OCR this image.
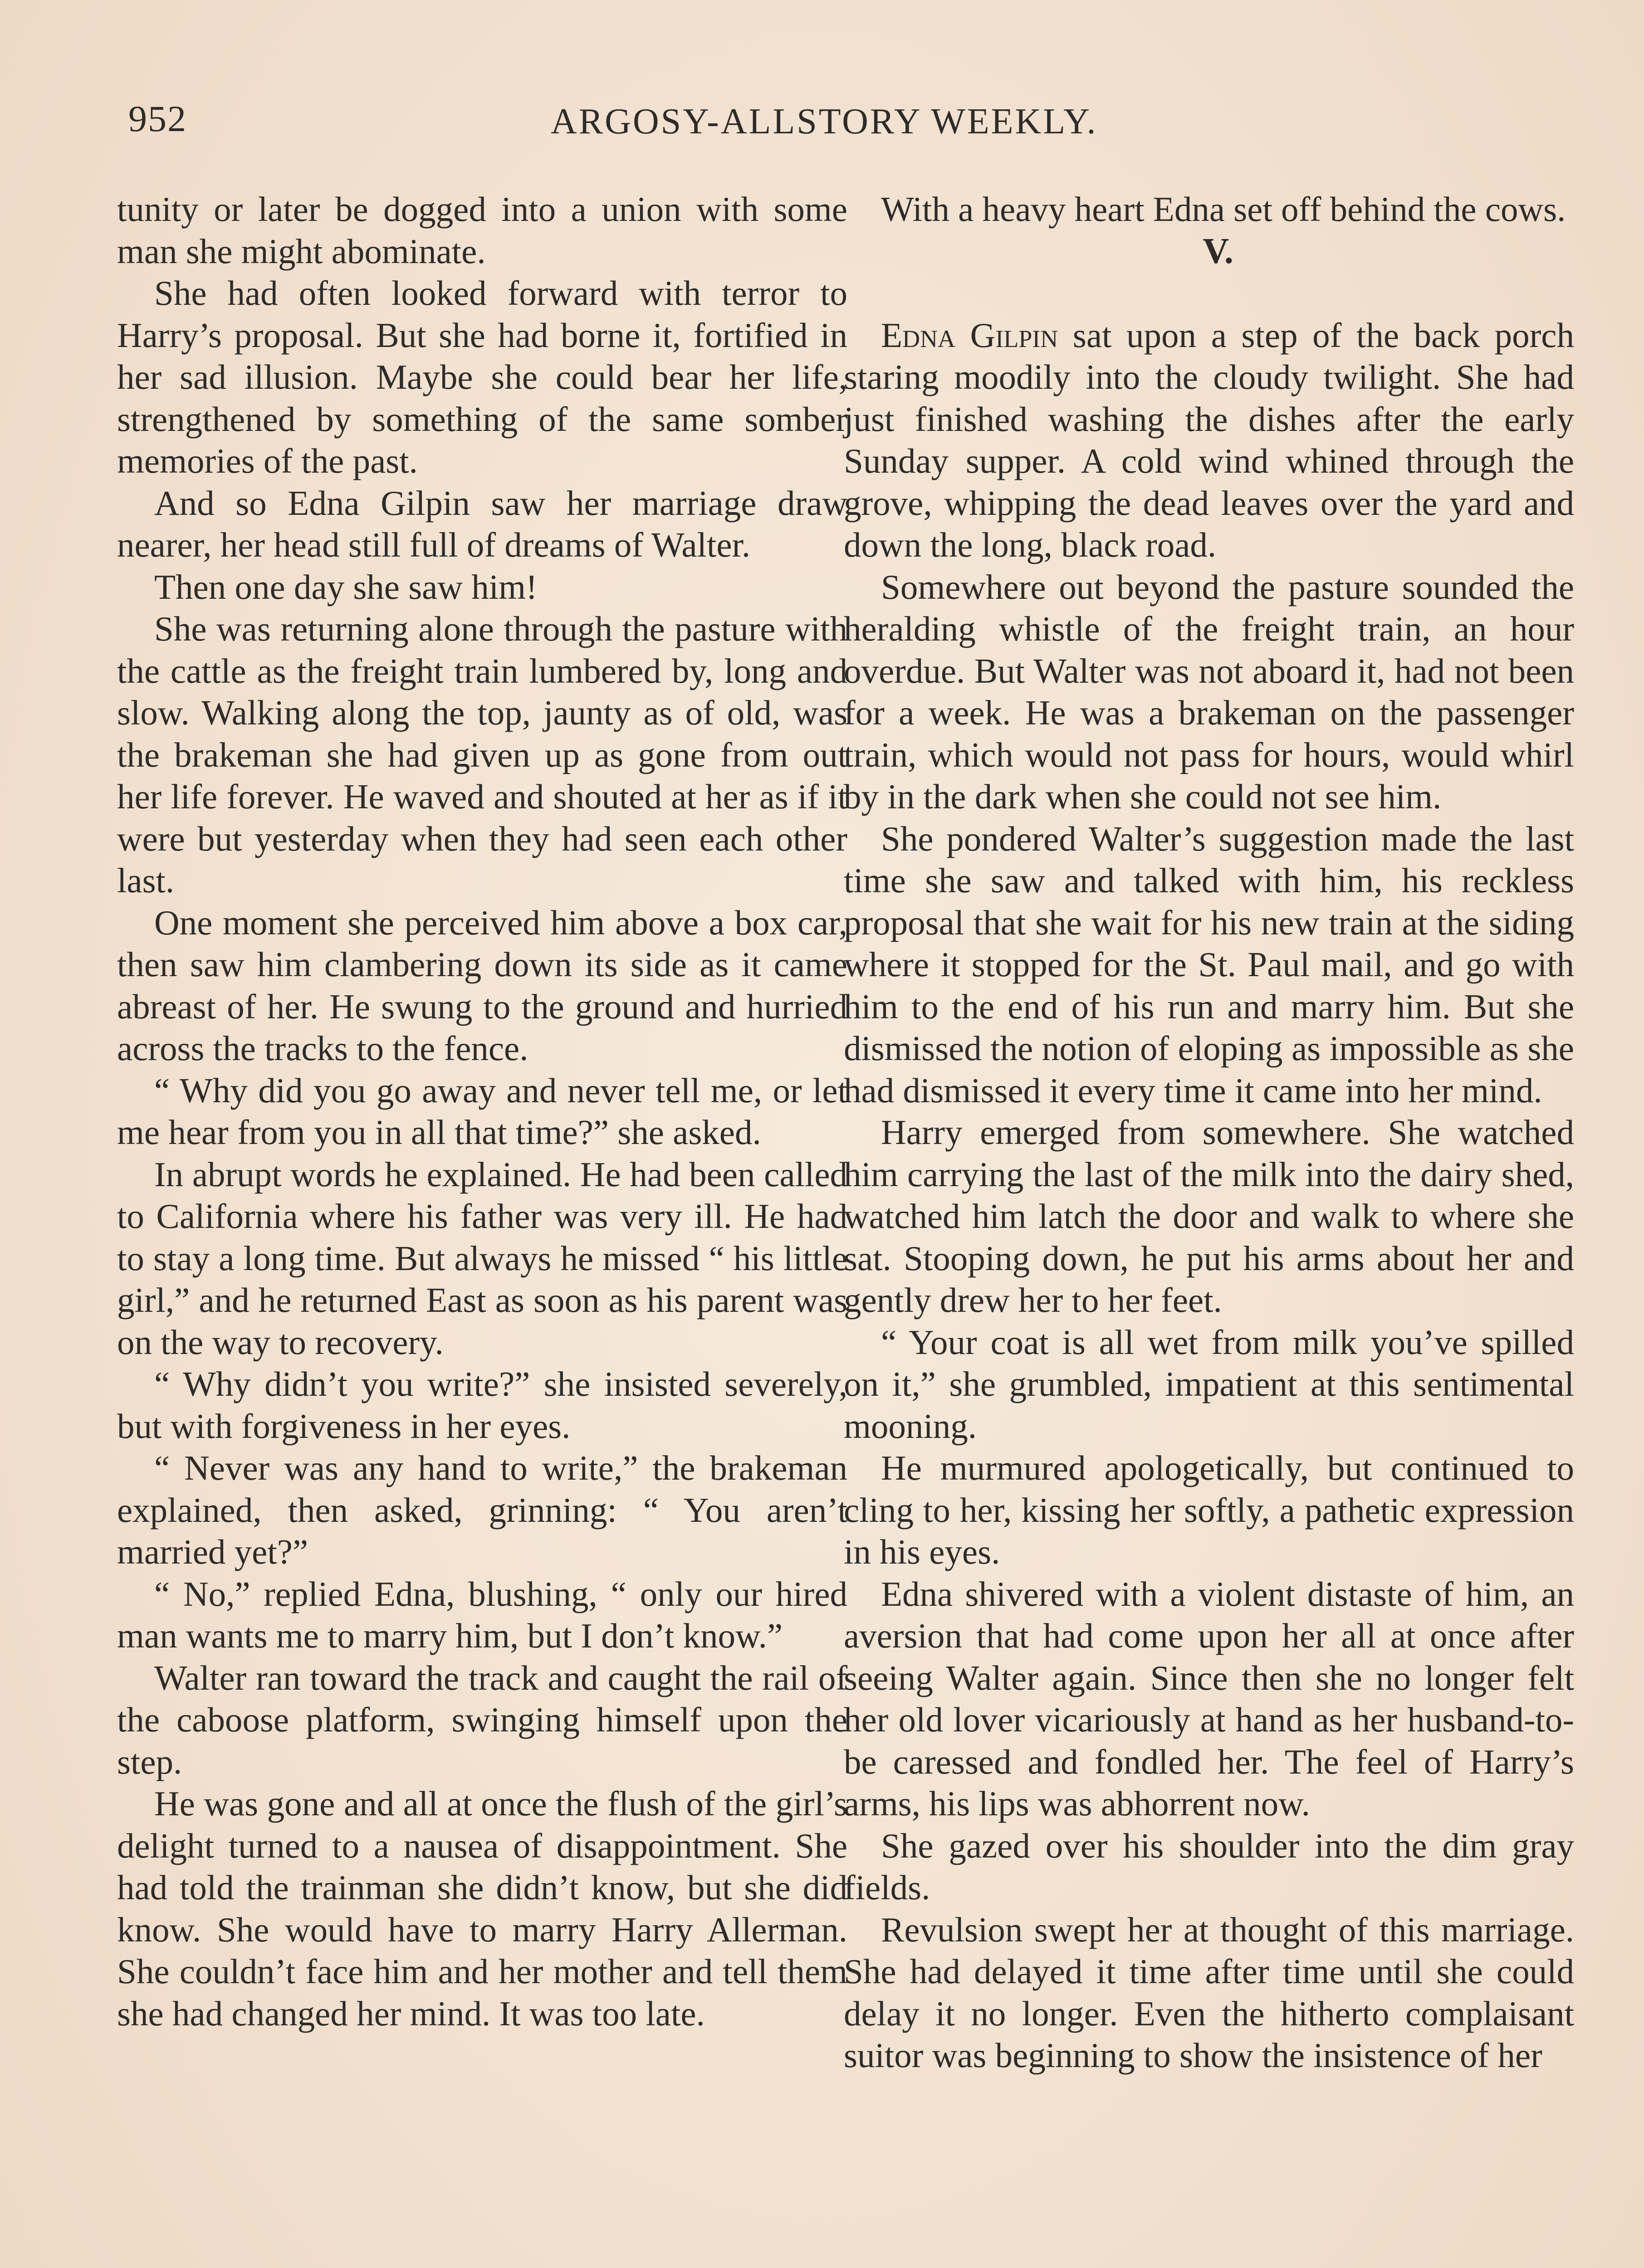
952	ARGOSY-ALLSTORY WEEKLY.

tunity or later be dogged into a union with some man she might abominate.

She had often looked forward with terror to Harry’s proposal. But she had borne it, fortified in her sad illusion. Maybe she could bear her life, strengthened by something of the same somber memories of the past.

And so Edna Gilpin saw her marriage draw nearer, her head still full of dreams of Walter.

Then one day she saw him!

She was returning alone through the pasture with the cattle as the freight train lumbered by, long and slow. Walking along the top, jaunty as of old, was the brakeman she had given up as gone from out her life forever. He waved and shouted at her as if it were but yesterday when they had seen each other last.

One moment she perceived him above a box car, then saw him clambering down its side as it came abreast of her. He swung to the ground and hurried across the tracks to the fence.

“ Why did you go away and never tell me, or let me hear from you in all that time?” she asked.

In abrupt words he explained. He had been called to California where his father was very ill. He had to stay a long time. But always he missed “ his little girl,” and he returned East as soon as his parent was on the way to recovery.

“ Why didn’t you write?” she insisted severely, but with forgiveness in her eyes.

“ Never was any hand to write,” the brakeman explained, then asked, grinning: “ You aren’t married yet?”

“ No,” replied Edna, blushing, “ only our hired man wants me to marry him, but I don’t know.”

Walter ran toward the track and caught the rail of the caboose platform, swinging himself upon the step.

He was gone and all at once the flush of the girl’s delight turned to a nausea of disappointment. She had told the trainman she didn’t know, but she did know. She would have to marry Harry Allerman. She couldn’t face him and her mother and tell them she had changed her mind. It was too late.

With a heavy heart Edna set off behind the cows.

V.

Edna Gilpin sat upon a step of the back porch staring moodily into the cloudy twilight. She had just finished washing the dishes after the early Sunday supper. A cold wind whined through the grove, whipping the dead leaves over the yard and down the long, black road.

Somewhere out beyond the pasture sounded the heralding whistle of the freight train, an hour overdue. But Walter was not aboard it, had not been for a week. He was a brakeman on the passenger train, which would not pass for hours, would whirl by in the dark when she could not see him.

She pondered Walter’s suggestion made the last time she saw and talked with him, his reckless proposal that she wait for his new train at the siding where it stopped for the St. Paul mail, and go with him to the end of his run and marry him. But she dismissed the notion of eloping as impossible as she had dismissed it every time it came into her mind.

Harry emerged from somewhere. She watched him carrying the last of the milk into the dairy shed, watched him latch the door and walk to where she sat. Stooping down, he put his arms about her and gently drew her to her feet.

“ Your coat is all wet from milk you’ve spilled on it,” she grumbled, impatient at this sentimental mooning.

He murmured apologetically, but continued to cling to her, kissing her softly, a pathetic expression in his eyes.

Edna shivered with a violent distaste of him, an aversion that had come upon her all at once after seeing Walter again. Since then she no longer felt her old lover vicariously at hand as her husband-to-be caressed and fondled her. The feel of Harry’s arms, his lips was abhorrent now.

She gazed over his shoulder into the dim gray fields.

Revulsion swept her at thought of this marriage. She had delayed it time after time until she could delay it no longer. Even the hitherto complaisant suitor was beginning to show the insistence of her
